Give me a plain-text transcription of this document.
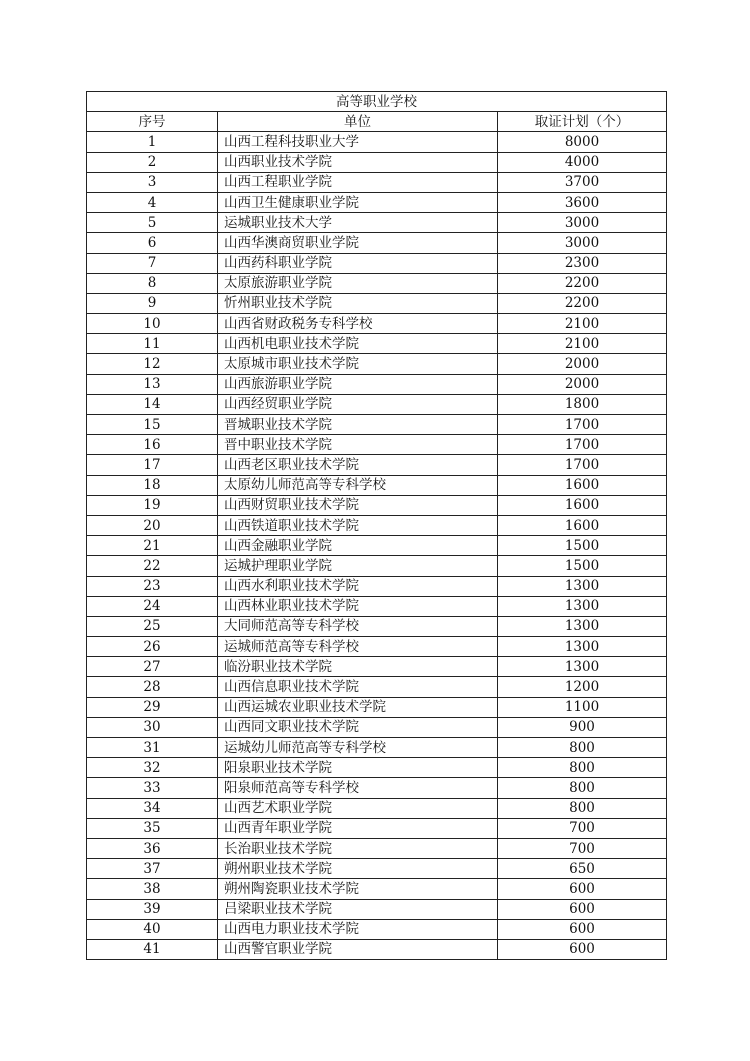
高等职业学校		
序号	单位	取证计划（个）
1	山西工程科技职业大学	8000
2	山西职业技术学院	4000
3	山西工程职业学院	3700
4	山西卫生健康职业学院	3600
5	运城职业技术大学	3000
6	山西华澳商贸职业学院	3000
7	山西药科职业学院	2300
8	太原旅游职业学院	2200
9	忻州职业技术学院	2200
10	山西省财政税务专科学校	2100
11	山西机电职业技术学院	2100
12	太原城市职业技术学院	2000
13	山西旅游职业学院	2000
14	山西经贸职业学院	1800
15	晋城职业技术学院	1700
16	晋中职业技术学院	1700
17	山西老区职业技术学院	1700
18	太原幼儿师范高等专科学校	1600
19	山西财贸职业技术学院	1600
20	山西铁道职业技术学院	1600
21	山西金融职业学院	1500
22	运城护理职业学院	1500
23	山西水利职业技术学院	1300
24	山西林业职业技术学院	1300
25	大同师范高等专科学校	1300
26	运城师范高等专科学校	1300
27	临汾职业技术学院	1300
28	山西信息职业技术学院	1200
29	山西运城农业职业技术学院	1100
30	山西同文职业技术学院	900
31	运城幼儿师范高等专科学校	800
32	阳泉职业技术学院	800
33	阳泉师范高等专科学校	800
34	山西艺术职业学院	800
35	山西青年职业学院	700
36	长治职业技术学院	700
37	朔州职业技术学院	650
38	朔州陶瓷职业技术学院	600
39	吕梁职业技术学院	600
40	山西电力职业技术学院	600
41	山西警官职业学院	600
